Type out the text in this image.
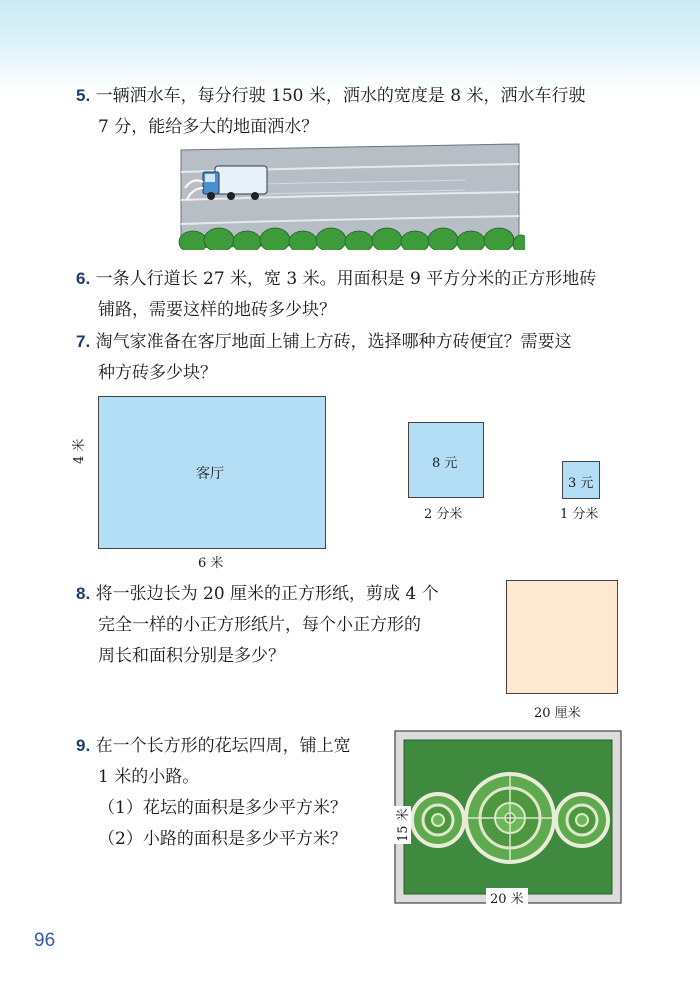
5. 一辆洒水车，每分行驶 150 米，洒水的宽度是 8 米，洒水车行驶
7 分，能给多大的地面洒水？
6. 一条人行道长 27 米，宽 3 米。用面积是 9 平方分米的正方形地砖
铺路，需要这样的地砖多少块？
7. 淘气家准备在客厅地面上铺上方砖，选择哪种方砖便宜？需要这
种方砖多少块？
客厅
4 米
6 米
8 元
2 分米
3 元
1 分米
8. 将一张边长为 20 厘米的正方形纸，剪成 4 个
完全一样的小正方形纸片，每个小正方形的
周长和面积分别是多少？
20 厘米
9. 在一个长方形的花坛四周，铺上宽
1 米的小路。
（1）花坛的面积是多少平方米？
（2）小路的面积是多少平方米？	15 米
20 米
96
